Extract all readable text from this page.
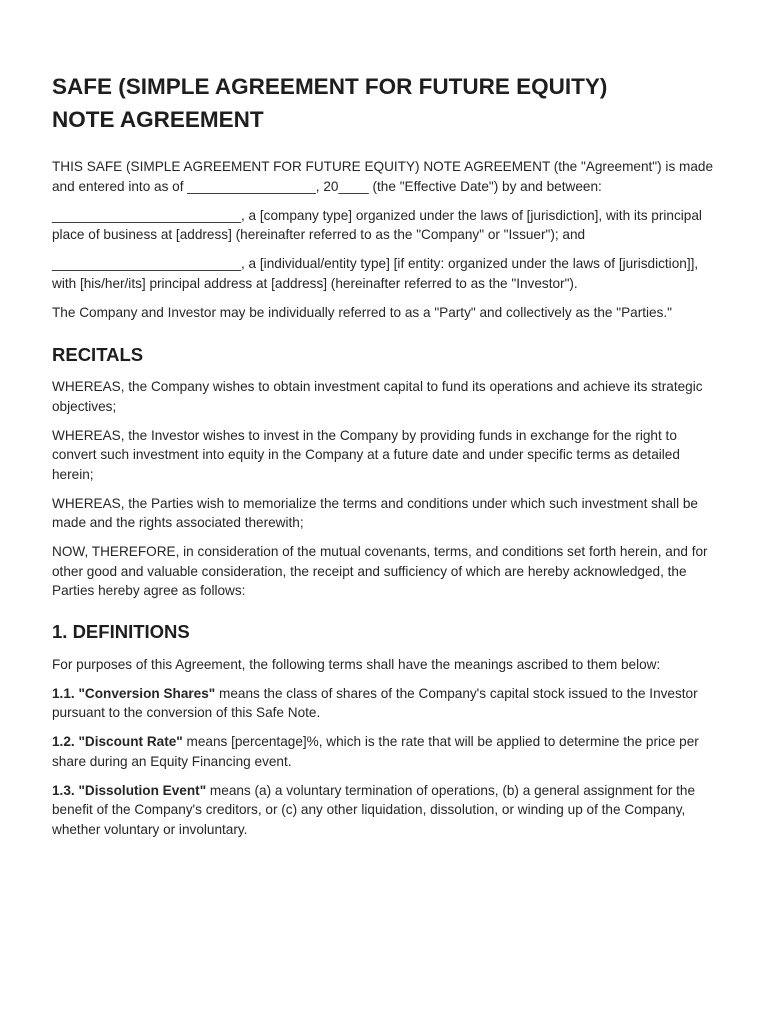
SAFE (SIMPLE AGREEMENT FOR FUTURE EQUITY)
NOTE AGREEMENT

THIS SAFE (SIMPLE AGREEMENT FOR FUTURE EQUITY) NOTE AGREEMENT (the "Agreement") is made and entered into as of _________________, 20____ (the "Effective Date") by and between:

_________________________, a [company type] organized under the laws of [jurisdiction], with its principal place of business at [address] (hereinafter referred to as the "Company" or "Issuer"); and

_________________________, a [individual/entity type] [if entity: organized under the laws of [jurisdiction]], with [his/her/its] principal address at [address] (hereinafter referred to as the "Investor").

The Company and Investor may be individually referred to as a "Party" and collectively as the "Parties."

RECITALS

WHEREAS, the Company wishes to obtain investment capital to fund its operations and achieve its strategic objectives;

WHEREAS, the Investor wishes to invest in the Company by providing funds in exchange for the right to convert such investment into equity in the Company at a future date and under specific terms as detailed herein;

WHEREAS, the Parties wish to memorialize the terms and conditions under which such investment shall be made and the rights associated therewith;

NOW, THEREFORE, in consideration of the mutual covenants, terms, and conditions set forth herein, and for other good and valuable consideration, the receipt and sufficiency of which are hereby acknowledged, the Parties hereby agree as follows:

1. DEFINITIONS

For purposes of this Agreement, the following terms shall have the meanings ascribed to them below:

1.1. "Conversion Shares" means the class of shares of the Company's capital stock issued to the Investor pursuant to the conversion of this Safe Note.

1.2. "Discount Rate" means [percentage]%, which is the rate that will be applied to determine the price per share during an Equity Financing event.

1.3. "Dissolution Event" means (a) a voluntary termination of operations, (b) a general assignment for the benefit of the Company's creditors, or (c) any other liquidation, dissolution, or winding up of the Company, whether voluntary or involuntary.
